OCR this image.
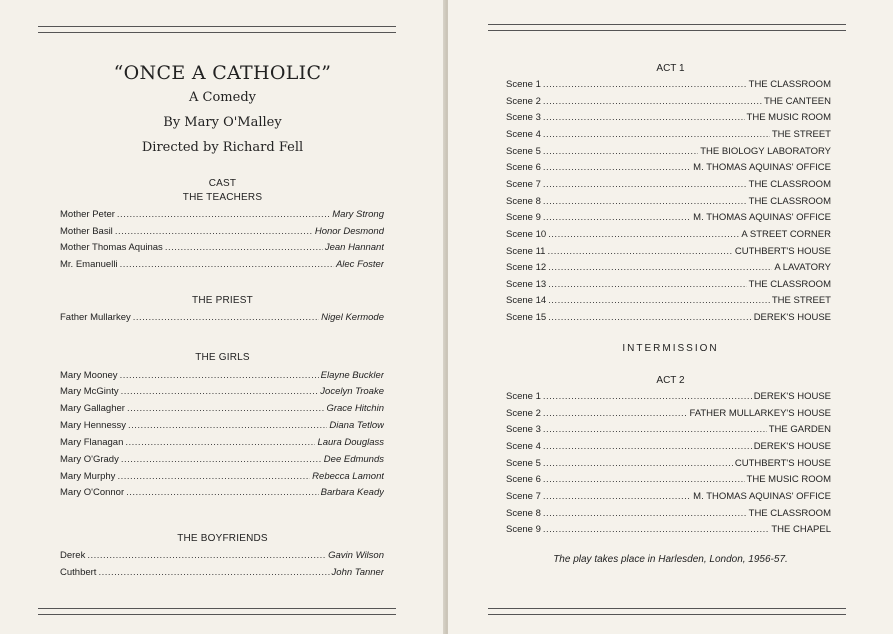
“ONCE A CATHOLIC”
A Comedy
By Mary O'Malley
Directed by Richard Fell
CAST
THE TEACHERS
Mother Peter .....	Mary Strong
Mother Basil .....	Honor Desmond
Mother Thomas Aquinas .....	Jean Hannant
Mr. Emanuelli .....	Alec Foster
THE PRIEST
Father Mullarkey .....	Nigel Kermode
THE GIRLS
Mary Mooney .....	Elayne Buckler
Mary McGinty .....	Jocelyn Troake
Mary Gallagher .....	Grace Hitchin
Mary Hennessy .....	Diana Tetlow
Mary Flanagan .....	Laura Douglass
Mary O'Grady .....	Dee Edmunds
Mary Murphy .....	Rebecca Lamont
Mary O'Connor .....	Barbara Keady
THE BOYFRIENDS
Derek .....	Gavin Wilson
Cuthbert .....	John Tanner
ACT 1
Scene 1 .....	THE CLASSROOM
Scene 2 .....	THE CANTEEN
Scene 3 .....	THE MUSIC ROOM
Scene 4 .....	THE STREET
Scene 5 .....	THE BIOLOGY LABORATORY
Scene 6 .....	M. THOMAS AQUINAS' OFFICE
Scene 7 .....	THE CLASSROOM
Scene 8 .....	THE CLASSROOM
Scene 9 .....	M. THOMAS AQUINAS' OFFICE
Scene 10 .....	A STREET CORNER
Scene 11 .....	CUTHBERT'S HOUSE
Scene 12 .....	A LAVATORY
Scene 13 .....	THE CLASSROOM
Scene 14 .....	THE STREET
Scene 15 .....	DEREK'S HOUSE
INTERMISSION
ACT 2
Scene 1 .....	DEREK'S HOUSE
Scene 2 .....	FATHER MULLARKEY'S HOUSE
Scene 3 .....	THE GARDEN
Scene 4 .....	DEREK'S HOUSE
Scene 5 .....	CUTHBERT'S HOUSE
Scene 6 .....	THE MUSIC ROOM
Scene 7 .....	M. THOMAS AQUINAS' OFFICE
Scene 8 .....	THE CLASSROOM
Scene 9 .....	THE CHAPEL
The play takes place in Harlesden, London, 1956-57.
